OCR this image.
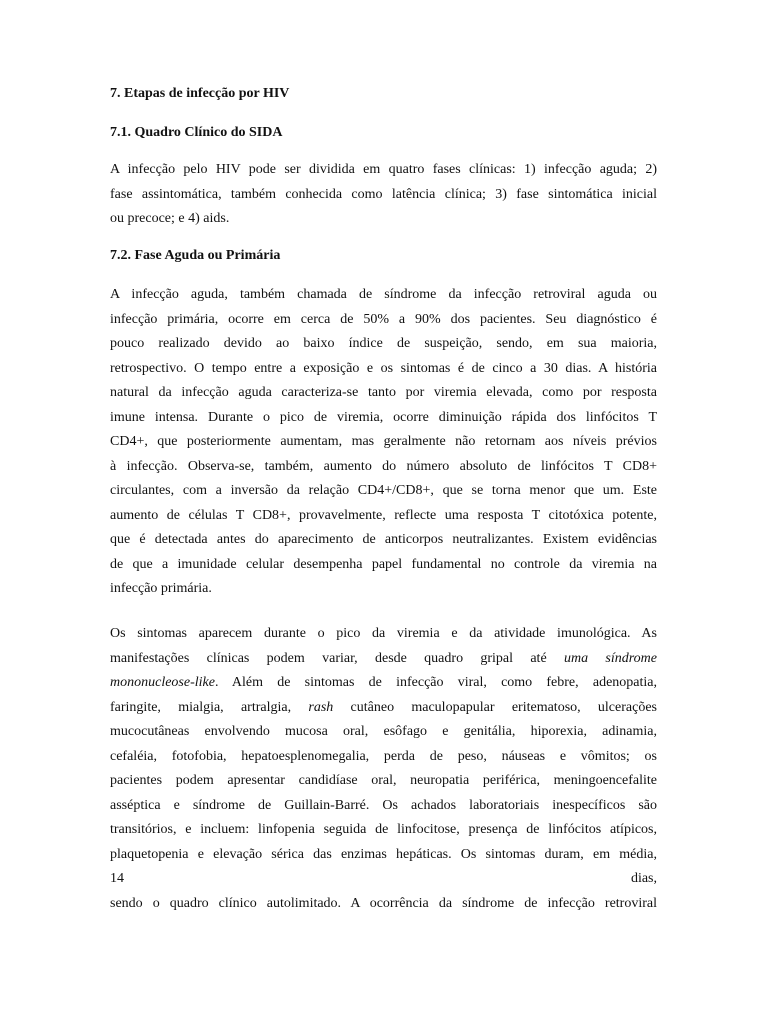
7. Etapas de infecção por HIV
7.1. Quadro Clínico do SIDA
A infecção pelo HIV pode ser dividida em quatro fases clínicas: 1) infecção aguda; 2)
fase assintomática, também conhecida como latência clínica; 3) fase sintomática inicial
ou precoce; e 4) aids.
7.2. Fase Aguda ou Primária
A infecção aguda, também chamada de síndrome da infecção retroviral aguda ou
infecção primária, ocorre em cerca de 50% a 90% dos pacientes. Seu diagnóstico é
pouco realizado devido ao baixo índice de suspeição, sendo, em sua maioria,
retrospectivo. O tempo entre a exposição e os sintomas é de cinco a 30 dias. A história
natural da infecção aguda caracteriza-se tanto por viremia elevada, como por resposta
imune intensa. Durante o pico de viremia, ocorre diminuição rápida dos linfócitos T
CD4+, que posteriormente aumentam, mas geralmente não retornam aos níveis prévios
à infecção. Observa-se, também, aumento do número absoluto de linfócitos T CD8+
circulantes, com a inversão da relação CD4+/CD8+, que se torna menor que um. Este
aumento de células T CD8+, provavelmente, reflecte uma resposta T citotóxica potente,
que é detectada antes do aparecimento de anticorpos neutralizantes. Existem evidências
de que a imunidade celular desempenha papel fundamental no controle da viremia na
infecção primária.
Os sintomas aparecem durante o pico da viremia e da atividade imunológica. As
manifestações clínicas podem variar, desde quadro gripal até uma síndrome
mononucleose-like. Além de sintomas de infecção viral, como febre, adenopatia,
faringite, mialgia, artralgia, rash cutâneo maculopapular eritematoso, ulcerações
mucocutâneas envolvendo mucosa oral, esôfago e genitália, hiporexia, adinamia,
cefaléia, fotofobia, hepatoesplenomegalia, perda de peso, náuseas e vômitos; os
pacientes podem apresentar candidíase oral, neuropatia periférica, meningoencefalite
asséptica e síndrome de Guillain-Barré. Os achados laboratoriais inespecíficos são
transitórios, e incluem: linfopenia seguida de linfocitose, presença de linfócitos atípicos,
plaquetopenia e elevação sérica das enzimas hepáticas. Os sintomas duram, em média,
14	dias,
sendo o quadro clínico autolimitado. A ocorrência da síndrome de infecção retroviral
